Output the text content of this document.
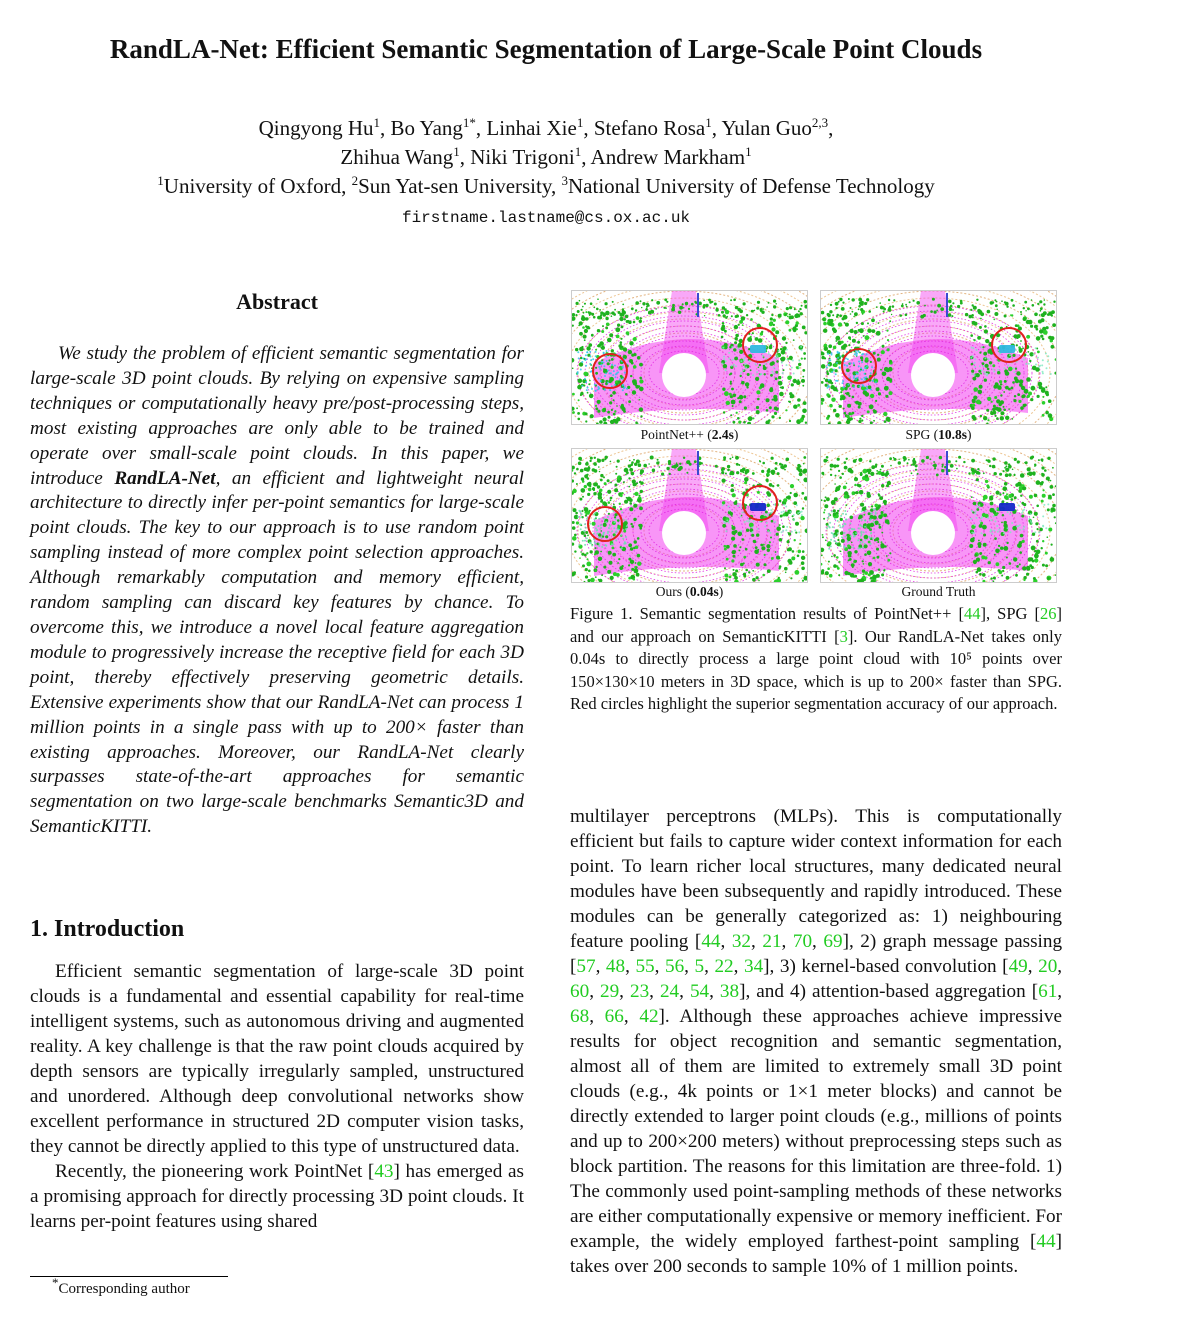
RandLA-Net: Efficient Semantic Segmentation of Large-Scale Point Clouds
Qingyong Hu$^1$, Bo Yang$^{1*}$, Linhai Xie$^1$, Stefano Rosa$^1$, Yulan Guo$^{2,3}$,
Zhihua Wang$^1$, Niki Trigoni$^1$, Andrew Markham$^1$
$^1$University of Oxford, $^2$Sun Yat-sen University, $^3$National University of Defense Technology
firstname.lastname@cs.ox.ac.uk
Abstract
We study the problem of efficient semantic segmentation for large-scale 3D point clouds. By relying on expensive sampling techniques or computationally heavy pre/post-processing steps, most existing approaches are only able to be trained and operate over small-scale point clouds. In this paper, we introduce RandLA-Net, an efficient and lightweight neural architecture to directly infer per-point semantics for large-scale point clouds. The key to our approach is to use random point sampling instead of more complex point selection approaches. Although remarkably computation and memory efficient, random sampling can discard key features by chance. To overcome this, we introduce a novel local feature aggregation module to progressively increase the receptive field for each 3D point, thereby effectively preserving geometric details. Extensive experiments show that our RandLA-Net can process 1 million points in a single pass with up to 200× faster than existing approaches. Moreover, our RandLA-Net clearly surpasses state-of-the-art approaches for semantic segmentation on two large-scale benchmarks Semantic3D and SemanticKITTI.
1. Introduction

Efficient semantic segmentation of large-scale 3D point clouds is a fundamental and essential capability for real-time intelligent systems, such as autonomous driving and augmented reality. A key challenge is that the raw point clouds acquired by depth sensors are typically irregularly sampled, unstructured and unordered. Although deep convolutional networks show excellent performance in structured 2D computer vision tasks, they cannot be directly applied to this type of unstructured data.

Recently, the pioneering work PointNet [43] has emerged as a promising approach for directly processing 3D point clouds. It learns per-point features using shared

*Corresponding author
PointNet++ (2.4s)	SPG (10.8s)
Ours (0.04s)	Ground Truth
Figure 1. Semantic segmentation results of PointNet++ [44], SPG [26] and our approach on SemanticKITTI [3]. Our RandLA-Net takes only 0.04s to directly process a large point cloud with 10⁵ points over 150×130×10 meters in 3D space, which is up to 200× faster than SPG. Red circles highlight the superior segmentation accuracy of our approach.

multilayer perceptrons (MLPs). This is computationally efficient but fails to capture wider context information for each point. To learn richer local structures, many dedicated neural modules have been subsequently and rapidly introduced. These modules can be generally categorized as: 1) neighbouring feature pooling [44, 32, 21, 70, 69], 2) graph message passing [57, 48, 55, 56, 5, 22, 34], 3) kernel-based convolution [49, 20, 60, 29, 23, 24, 54, 38], and 4) attention-based aggregation [61, 68, 66, 42]. Although these approaches achieve impressive results for object recognition and semantic segmentation, almost all of them are limited to extremely small 3D point clouds (e.g., 4k points or 1×1 meter blocks) and cannot be directly extended to larger point clouds (e.g., millions of points and up to 200×200 meters) without preprocessing steps such as block partition. The reasons for this limitation are three-fold. 1) The commonly used point-sampling methods of these networks are either computationally expensive or memory inefficient. For example, the widely employed farthest-point sampling [44] takes over 200 seconds to sample 10% of 1 million points.
